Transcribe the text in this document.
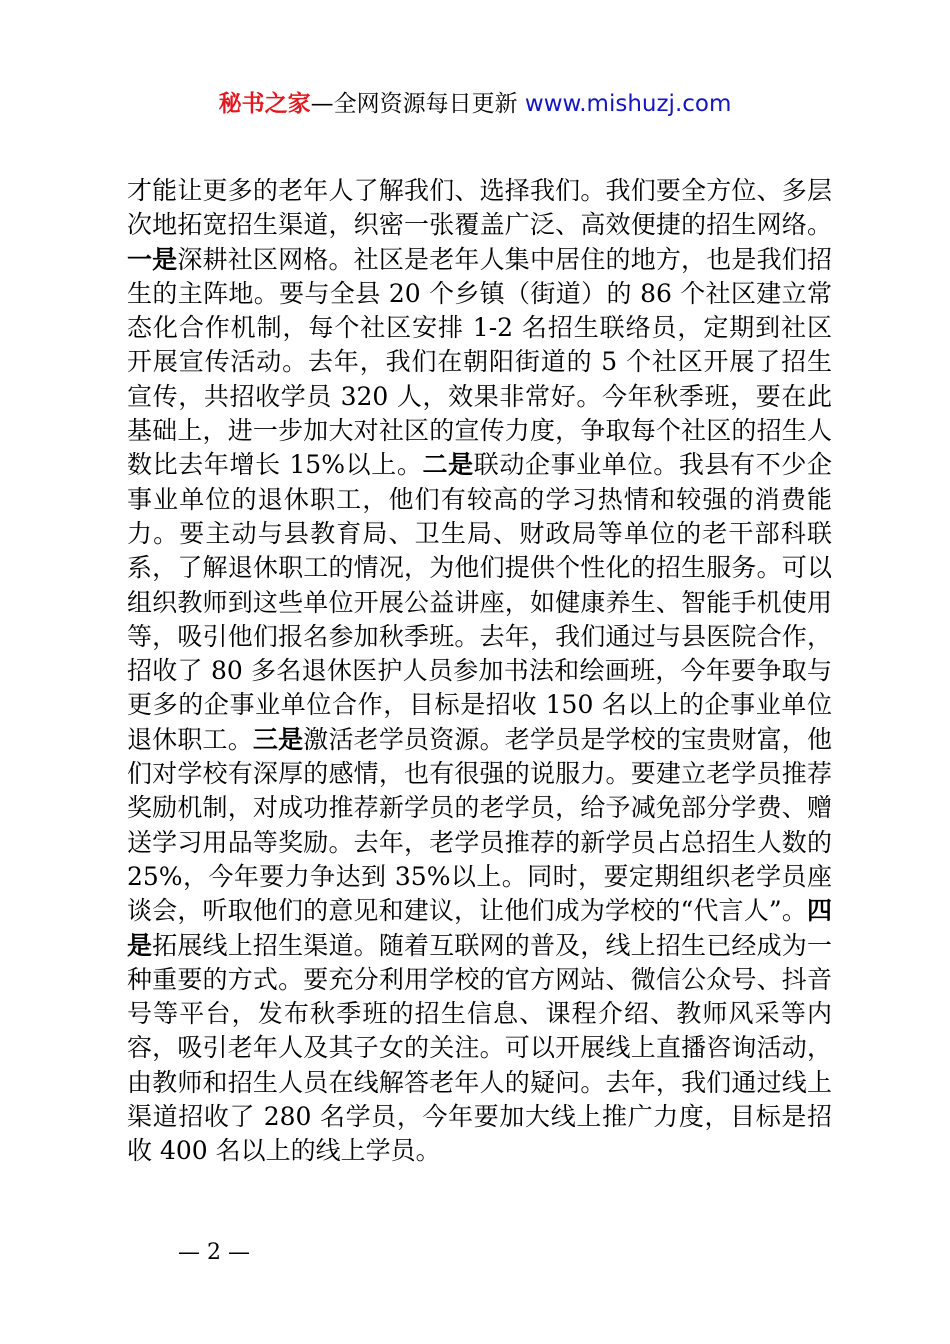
秘书之家—全网资源每日更新 www.mishuzj.com

才能让更多的老年人了解我们、选择我们。我们要全方位、多层次地拓宽招生渠道，织密一张覆盖广泛、高效便捷的招生网络。一是深耕社区网格。社区是老年人集中居住的地方，也是我们招生的主阵地。要与全县 20 个乡镇（街道）的 86 个社区建立常态化合作机制，每个社区安排 1-2 名招生联络员，定期到社区开展宣传活动。去年，我们在朝阳街道的 5 个社区开展了招生宣传，共招收学员 320 人，效果非常好。今年秋季班，要在此基础上，进一步加大对社区的宣传力度，争取每个社区的招生人数比去年增长 15%以上。二是联动企事业单位。我县有不少企事业单位的退休职工，他们有较高的学习热情和较强的消费能力。要主动与县教育局、卫生局、财政局等单位的老干部科联系，了解退休职工的情况，为他们提供个性化的招生服务。可以组织教师到这些单位开展公益讲座，如健康养生、智能手机使用等，吸引他们报名参加秋季班。去年，我们通过与县医院合作，招收了 80 多名退休医护人员参加书法和绘画班，今年要争取与更多的企事业单位合作，目标是招收 150 名以上的企事业单位退休职工。三是激活老学员资源。老学员是学校的宝贵财富，他们对学校有深厚的感情，也有很强的说服力。要建立老学员推荐奖励机制，对成功推荐新学员的老学员，给予减免部分学费、赠送学习用品等奖励。去年，老学员推荐的新学员占总招生人数的 25%，今年要力争达到 35%以上。同时，要定期组织老学员座谈会，听取他们的意见和建议，让他们成为学校的“代言人”。四是拓展线上招生渠道。随着互联网的普及，线上招生已经成为一种重要的方式。要充分利用学校的官方网站、微信公众号、抖音号等平台，发布秋季班的招生信息、课程介绍、教师风采等内容，吸引老年人及其子女的关注。可以开展线上直播咨询活动，由教师和招生人员在线解答老年人的疑问。去年，我们通过线上渠道招收了 280 名学员，今年要加大线上推广力度，目标是招收 400 名以上的线上学员。

— 2 —
